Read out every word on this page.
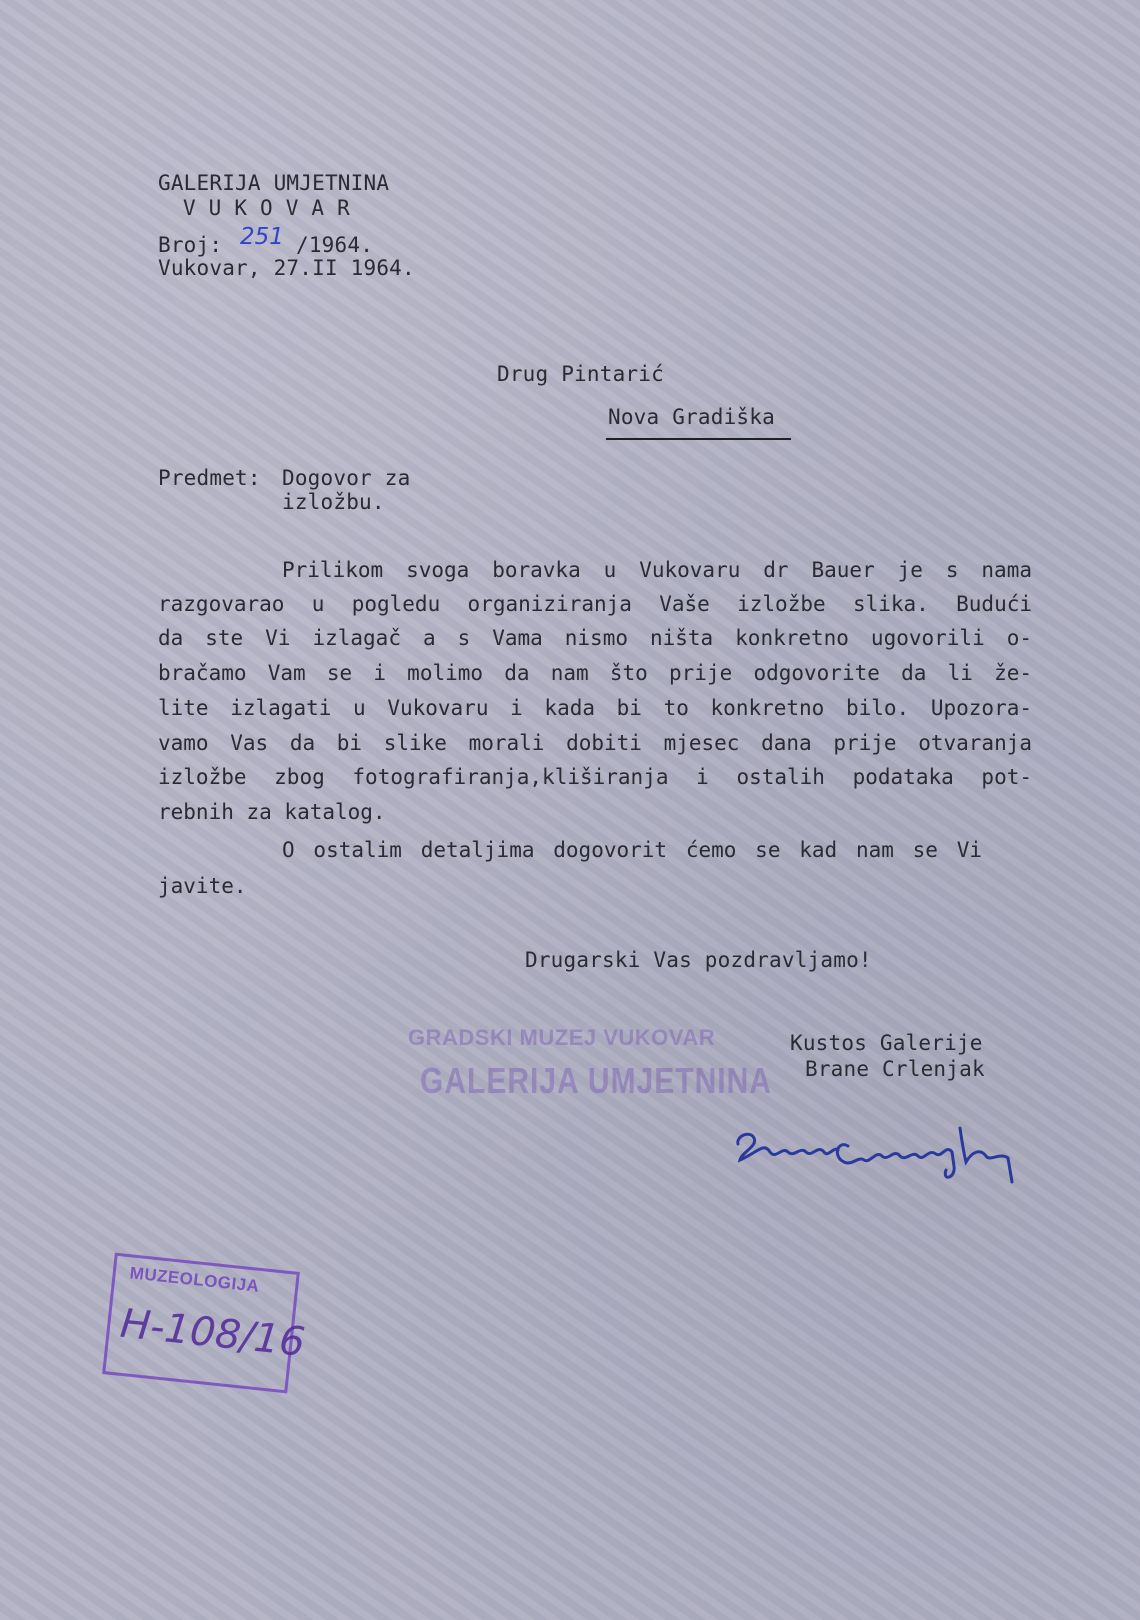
GALERIJA UMJETNINA
V U K O V A R
Broj: 251 /1964.
Vukovar, 27.II 1964.
Drug Pintarić
Nova Gradiška
Predmet: Dogovor za
izložbu.
Prilikom svoga boravka u Vukovaru dr Bauer je s nama
razgovarao u pogledu organiziranja Vaše izložbe slika. Budući
da ste Vi izlagač a s Vama nismo ništa konkretno ugovorili o-
bračamo Vam se i molimo da nam što prije odgovorite da li že-
lite izlagati u Vukovaru i kada bi to konkretno bilo. Upozora-
vamo Vas da bi slike morali dobiti mjesec dana prije otvaranja
izložbe zbog fotografiranja,kliširanja i ostalih podataka pot-
rebnih za katalog.
O ostalim detaljima dogovorit ćemo se kad nam se Vi
javite.
Drugarski Vas pozdravljamo!
GRADSKI MUZEJ VUKOVAR
GALERIJA UMJETNINA
Kustos Galerije
Brane Crlenjak
MUZEOLOGIJA
H-108/16
